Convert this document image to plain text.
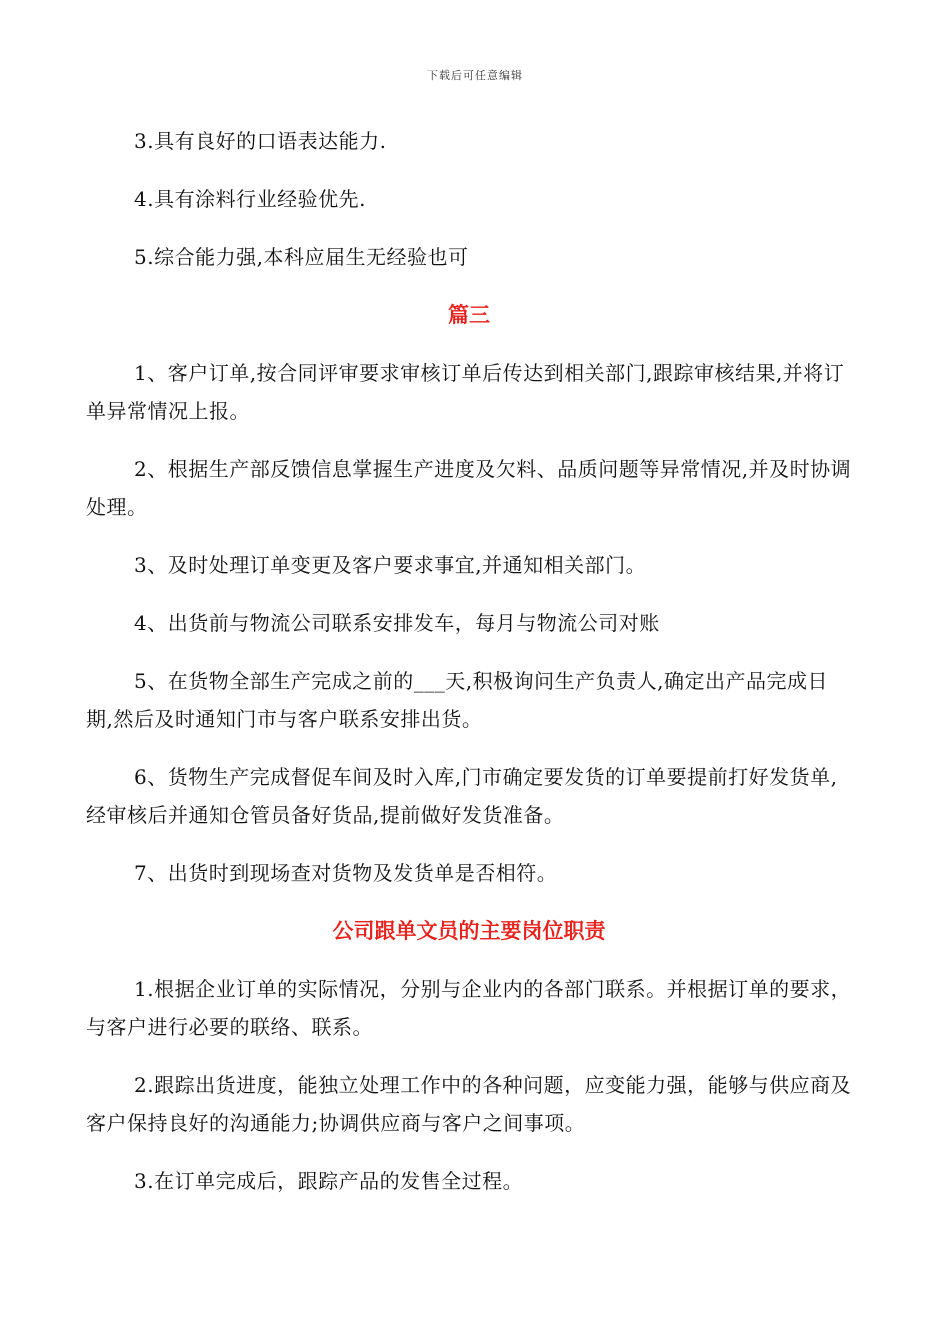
下载后可任意编辑

3.具有良好的口语表达能力.

4.具有涂料行业经验优先.

5.综合能力强,本科应届生无经验也可

篇三

1、客户订单,按合同评审要求审核订单后传达到相关部门,跟踪审核结果,并将订单异常情况上报。

2、根据生产部反馈信息掌握生产进度及欠料、品质问题等异常情况,并及时协调处理。

3、及时处理订单变更及客户要求事宜,并通知相关部门。

4、出货前与物流公司联系安排发车，每月与物流公司对账

5、在货物全部生产完成之前的___天,积极询问生产负责人,确定出产品完成日期,然后及时通知门市与客户联系安排出货。

6、货物生产完成督促车间及时入库,门市确定要发货的订单要提前打好发货单,经审核后并通知仓管员备好货品,提前做好发货准备。

7、出货时到现场查对货物及发货单是否相符。

公司跟单文员的主要岗位职责

1.根据企业订单的实际情况，分别与企业内的各部门联系。并根据订单的要求，与客户进行必要的联络、联系。

2.跟踪出货进度，能独立处理工作中的各种问题，应变能力强，能够与供应商及客户保持良好的沟通能力;协调供应商与客户之间事项。

3.在订单完成后，跟踪产品的发售全过程。
